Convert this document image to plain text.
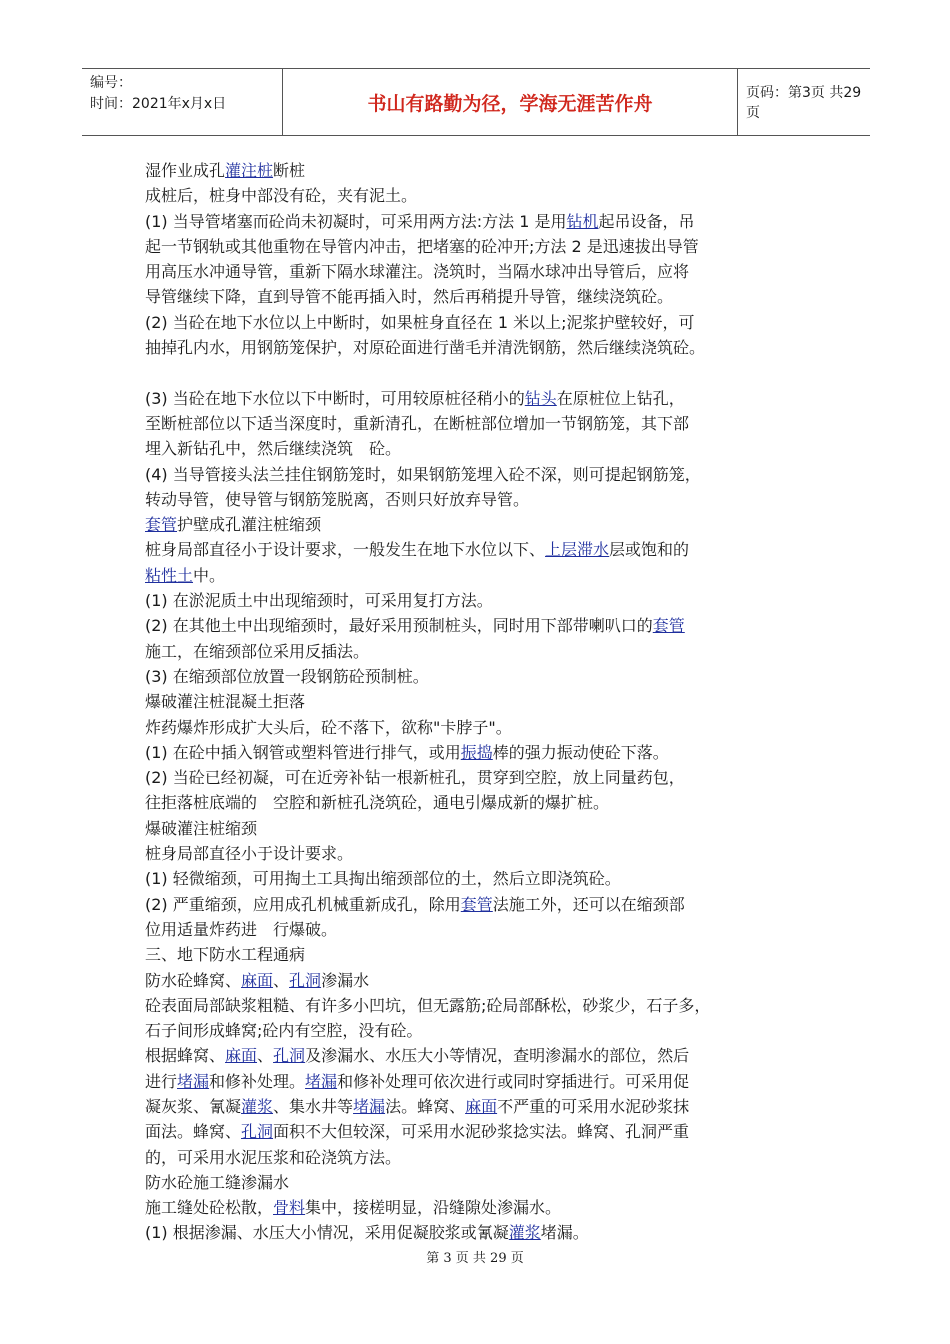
编号：
时间：2021年x月x日	书山有路勤为径，学海无涯苦作舟	页码：第3页 共29页

湿作业成孔灌注桩断桩

成桩后，桩身中部没有砼，夹有泥土。

(1) 当导管堵塞而砼尚未初凝时，可采用两方法:方法 1 是用钻机起吊设备，吊

起一节钢轨或其他重物在导管内冲击，把堵塞的砼冲开;方法 2 是迅速拔出导管

用高压水冲通导管，重新下隔水球灌注。浇筑时，当隔水球冲出导管后，应将

导管继续下降，直到导管不能再插入时，然后再稍提升导管，继续浇筑砼。

(2) 当砼在地下水位以上中断时，如果桩身直径在 1 米以上;泥浆护壁较好，可

抽掉孔内水，用钢筋笼保护，对原砼面进行凿毛并清洗钢筋，然后继续浇筑砼。

(3) 当砼在地下水位以下中断时，可用较原桩径稍小的钻头在原桩位上钻孔，

至断桩部位以下适当深度时，重新清孔，在断桩部位增加一节钢筋笼，其下部

埋入新钻孔中，然后继续浇筑　砼。

(4) 当导管接头法兰挂住钢筋笼时，如果钢筋笼埋入砼不深，则可提起钢筋笼，

转动导管，使导管与钢筋笼脱离，否则只好放弃导管。

套管护壁成孔灌注桩缩颈

桩身局部直径小于设计要求，一般发生在地下水位以下、上层滞水层或饱和的

粘性土中。

(1) 在淤泥质土中出现缩颈时，可采用复打方法。

(2) 在其他土中出现缩颈时，最好采用预制桩头，同时用下部带喇叭口的套管

施工，在缩颈部位采用反插法。

(3) 在缩颈部位放置一段钢筋砼预制桩。

爆破灌注桩混凝土拒落

炸药爆炸形成扩大头后，砼不落下，欲称"卡脖子"。

(1) 在砼中插入钢管或塑料管进行排气，或用振捣棒的强力振动使砼下落。

(2) 当砼已经初凝，可在近旁补钻一根新桩孔，贯穿到空腔，放上同量药包，

往拒落桩底端的　空腔和新桩孔浇筑砼，通电引爆成新的爆扩桩。

爆破灌注桩缩颈

桩身局部直径小于设计要求。

(1) 轻微缩颈，可用掏土工具掏出缩颈部位的土，然后立即浇筑砼。

(2) 严重缩颈，应用成孔机械重新成孔，除用套管法施工外，还可以在缩颈部

位用适量炸药进　行爆破。

三、地下防水工程通病

防水砼蜂窝、麻面、孔洞渗漏水

砼表面局部缺浆粗糙、有许多小凹坑，但无露筋;砼局部酥松，砂浆少，石子多，

石子间形成蜂窝;砼内有空腔，没有砼。

根据蜂窝、麻面、孔洞及渗漏水、水压大小等情况，查明渗漏水的部位，然后

进行堵漏和修补处理。堵漏和修补处理可依次进行或同时穿插进行。可采用促

凝灰浆、氰凝灌浆、集水井等堵漏法。蜂窝、麻面不严重的可采用水泥砂浆抹

面法。蜂窝、孔洞面积不大但较深，可采用水泥砂浆捻实法。蜂窝、孔洞严重

的，可采用水泥压浆和砼浇筑方法。

防水砼施工缝渗漏水

施工缝处砼松散，骨料集中，接槎明显，沿缝隙处渗漏水。

(1) 根据渗漏、水压大小情况，采用促凝胶浆或氰凝灌浆堵漏。

第 3 页 共 29 页
